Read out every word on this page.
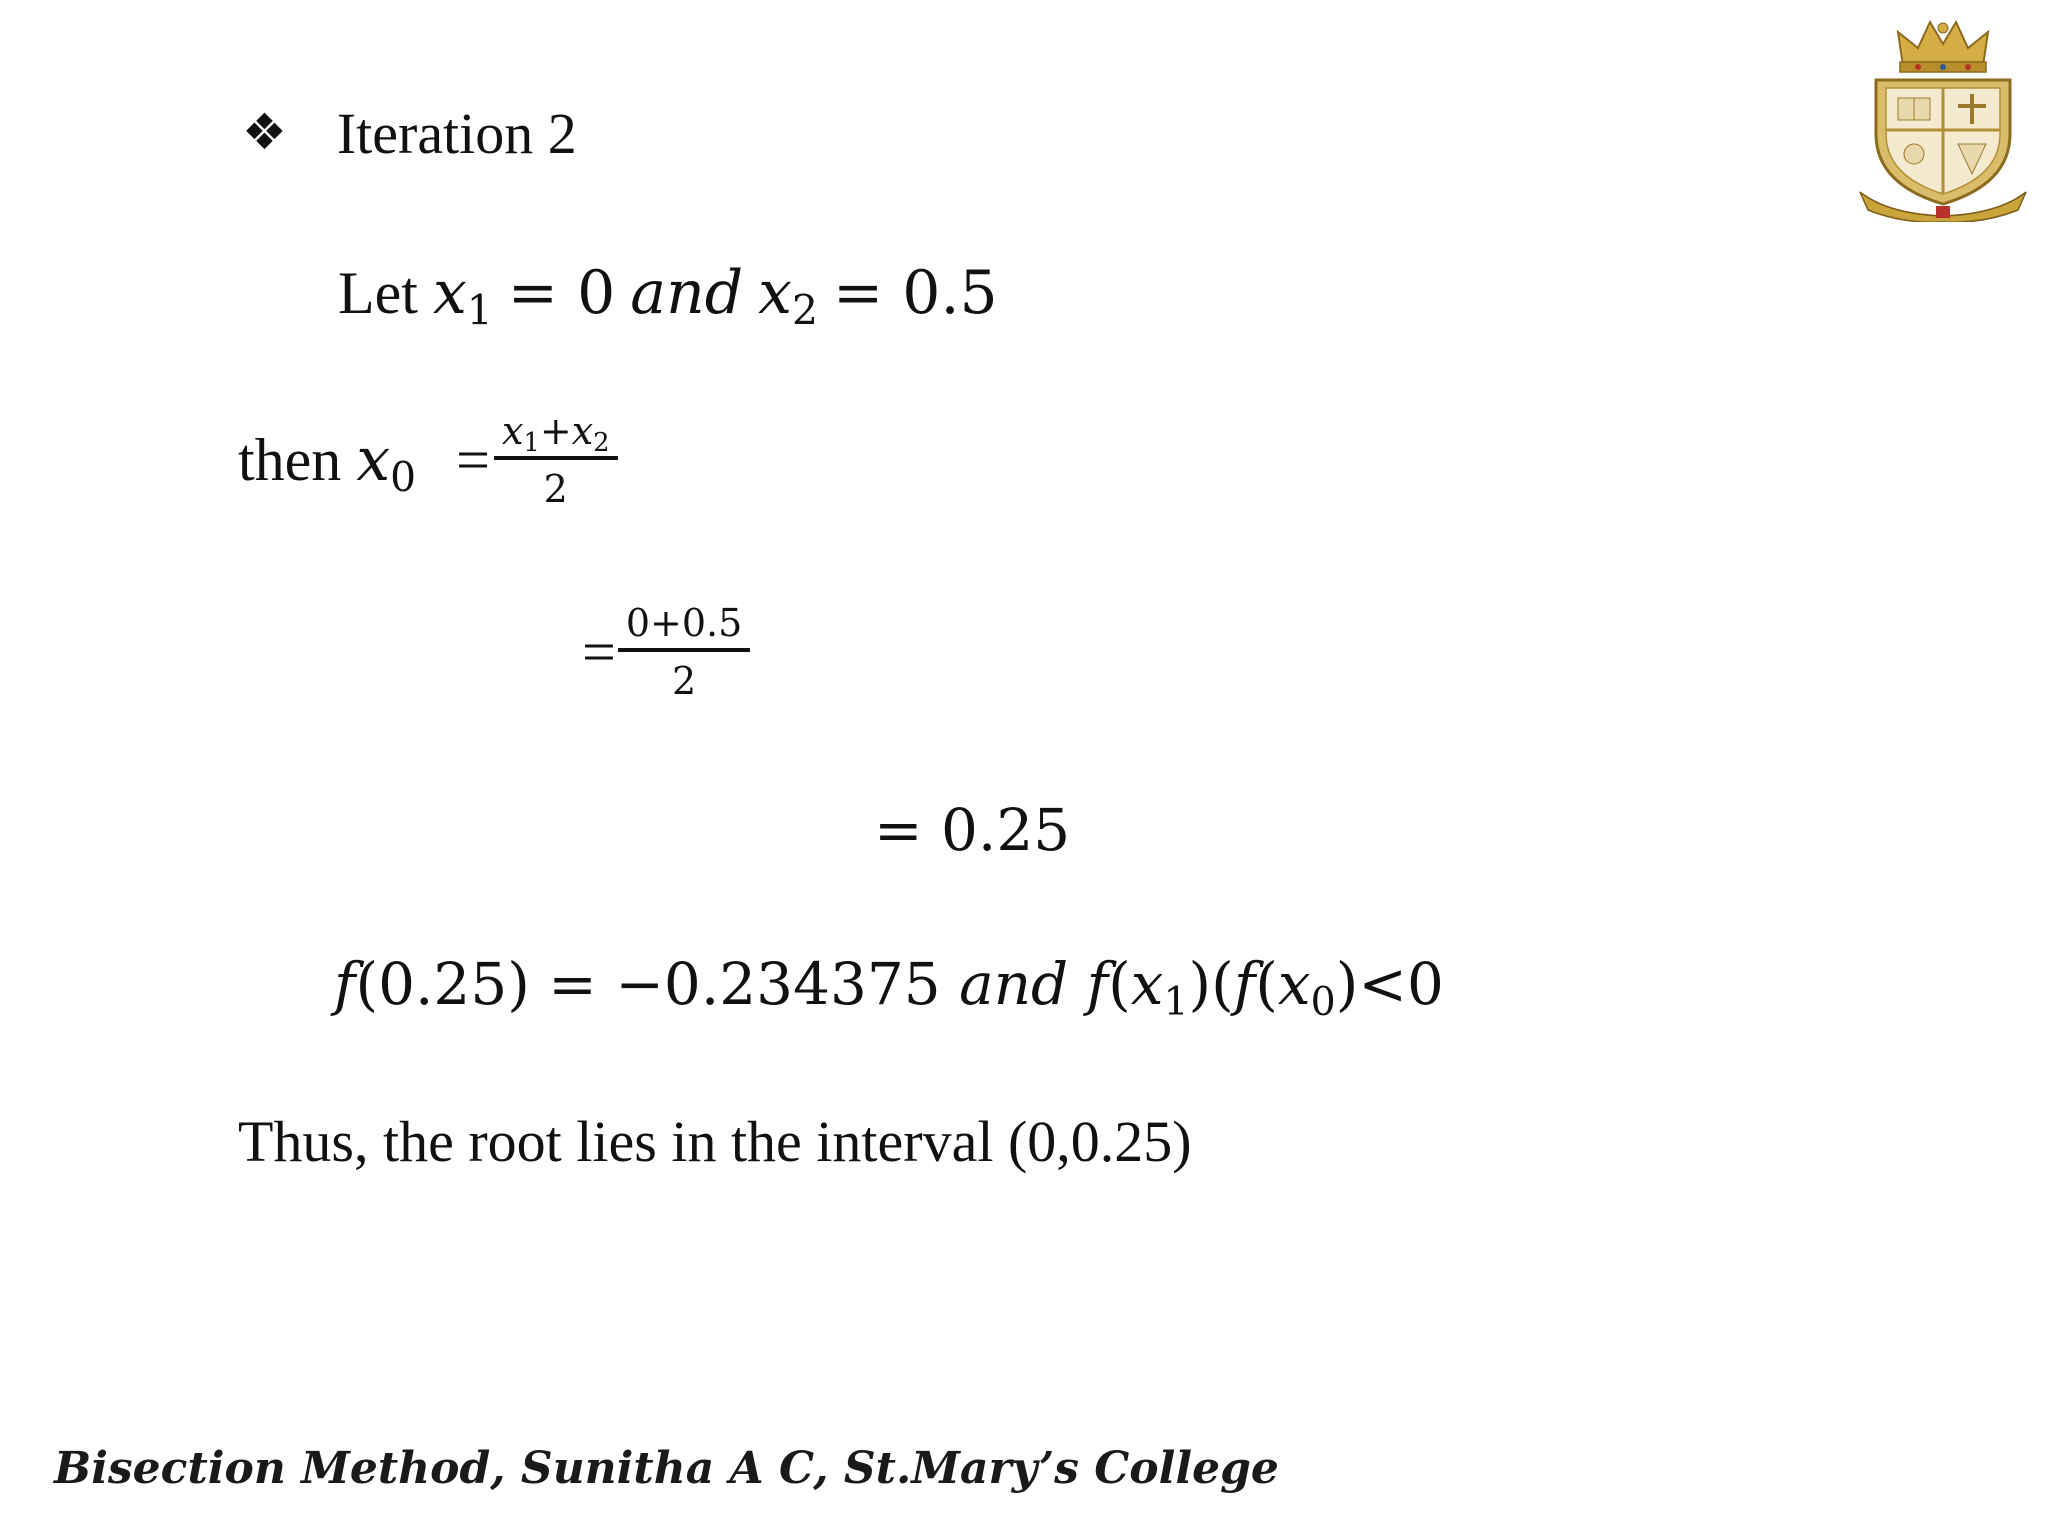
❖ Iteration 2
Let $x_1 = 0$ and $x_2 = 0.5$
then
$x_0 = \frac{x_1+x_2}{2}$
= $\frac{0+0.5}{2}$
= 0.25
f(0.25) = −0.234375 and $f(x_1)(f(x_0)<0$
Thus, the root lies in the interval (0,0.25)
Bisection Method, Sunitha A C, St.Mary’s College
